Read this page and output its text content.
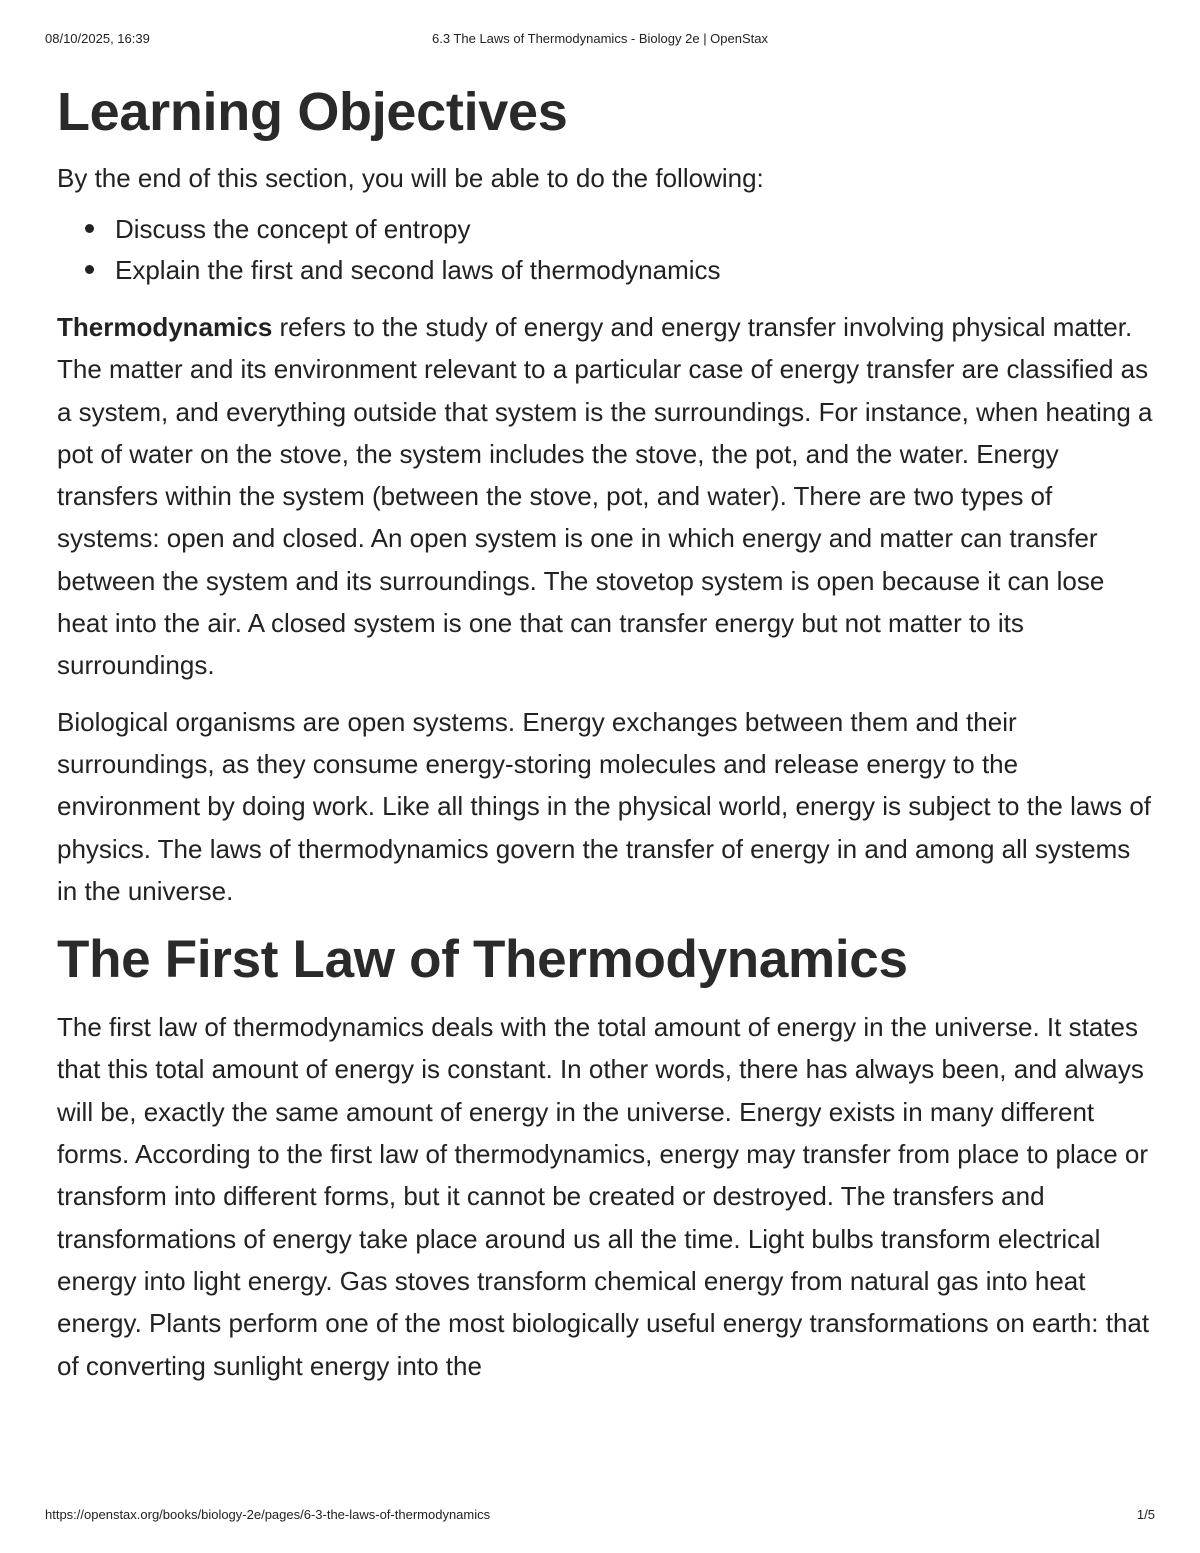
08/10/2025, 16:39	6.3 The Laws of Thermodynamics - Biology 2e | OpenStax
Learning Objectives
By the end of this section, you will be able to do the following:
Discuss the concept of entropy
Explain the first and second laws of thermodynamics

Thermodynamics refers to the study of energy and energy transfer involving physical matter. The matter and its environment relevant to a particular case of energy transfer are classified as a system, and everything outside that system is the surroundings. For instance, when heating a pot of water on the stove, the system includes the stove, the pot, and the water. Energy transfers within the system (between the stove, pot, and water). There are two types of systems: open and closed. An open system is one in which energy and matter can transfer between the system and its surroundings. The stovetop system is open because it can lose heat into the air. A closed system is one that can transfer energy but not matter to its surroundings.

Biological organisms are open systems. Energy exchanges between them and their surroundings, as they consume energy-storing molecules and release energy to the environment by doing work. Like all things in the physical world, energy is subject to the laws of physics. The laws of thermodynamics govern the transfer of energy in and among all systems in the universe.

The First Law of Thermodynamics

The first law of thermodynamics deals with the total amount of energy in the universe. It states that this total amount of energy is constant. In other words, there has always been, and always will be, exactly the same amount of energy in the universe. Energy exists in many different forms. According to the first law of thermodynamics, energy may transfer from place to place or transform into different forms, but it cannot be created or destroyed. The transfers and transformations of energy take place around us all the time. Light bulbs transform electrical energy into light energy. Gas stoves transform chemical energy from natural gas into heat energy. Plants perform one of the most biologically useful energy transformations on earth: that of converting sunlight energy into the

https://openstax.org/books/biology-2e/pages/6-3-the-laws-of-thermodynamics	1/5
